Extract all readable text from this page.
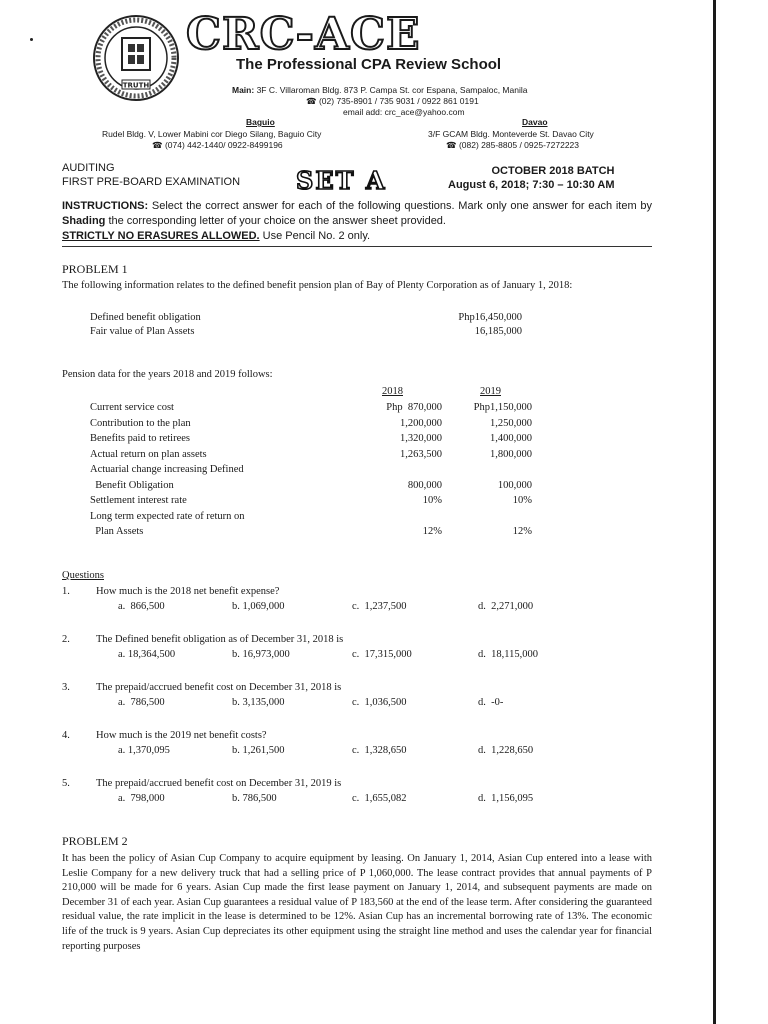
TRUTH
CRC-ACE
The Professional CPA Review School
Main: 3F C. Villaroman Bldg. 873 P. Campa St. cor Espana, Sampaloc, Manila
☎ (02) 735-8901 / 735 9031 / 0922 861 0191
email add: crc_ace@yahoo.com
Baguio
Rudel Bldg. V, Lower Mabini cor Diego Silang, Baguio City
☎ (074) 442-1440/ 0922-8499196
Davao
3/F GCAM Bldg. Monteverde St. Davao City
☎ (082) 285-8805 / 0925-7272223
AUDITING
FIRST PRE-BOARD EXAMINATION SET A	OCTOBER 2018 BATCH
August 6, 2018; 7:30 – 10:30 AM
INSTRUCTIONS: Select the correct answer for each of the following questions. Mark only one answer for each item by Shading the corresponding letter of your choice on the answer sheet provided.
STRICTLY NO ERASURES ALLOWED. Use Pencil No. 2 only.
PROBLEM 1
The following information relates to the defined benefit pension plan of Bay of Plenty Corporation as of January 1, 2018:
Defined benefit obligation	Php16,450,000
Fair value of Plan Assets	16,185,000
Pension data for the years 2018 and 2019 follows:
2018	2019
Current service cost	Php  870,000	Php1,150,000
Contribution to the plan	1,200,000	1,250,000
Benefits paid to retirees	1,320,000	1,400,000
Actual return on plan assets	1,263,500	1,800,000
Actuarial change increasing Defined
Benefit Obligation	800,000	100,000
Settlement interest rate	10%	10%
Long term expected rate of return on
Plan Assets	12%	12%
Questions
1. How much is the 2018 net benefit expense?
a.  866,500	b. 1,069,000	c.  1,237,500	d.  2,271,000
2. The Defined benefit obligation as of December 31, 2018 is
a. 18,364,500	b. 16,973,000	c.  17,315,000	d.  18,115,000
3. The prepaid/accrued benefit cost on December 31, 2018 is
a.  786,500	b. 3,135,000	c.  1,036,500	d.  -0-
4. How much is the 2019 net benefit costs?
a. 1,370,095	b. 1,261,500	c.  1,328,650	d.  1,228,650
5. The prepaid/accrued benefit cost on December 31, 2019 is
a.  798,000	b. 786,500	c.  1,655,082	d.  1,156,095
PROBLEM 2
It has been the policy of Asian Cup Company to acquire equipment by leasing. On January 1, 2014, Asian Cup entered into a lease with Leslie Company for a new delivery truck that had a selling price of P 1,060,000. The lease contract provides that annual payments of P 210,000 will be made for 6 years. Asian Cup made the first lease payment on January 1, 2014, and subsequent payments are made on December 31 of each year. Asian Cup guarantees a residual value of P 183,560 at the end of the lease term. After considering the guaranteed residual value, the rate implicit in the lease is determined to be 12%. Asian Cup has an incremental borrowing rate of 13%. The economic life of the truck is 9 years. Asian Cup depreciates its other equipment using the straight line method and uses the calendar year for financial reporting purposes
